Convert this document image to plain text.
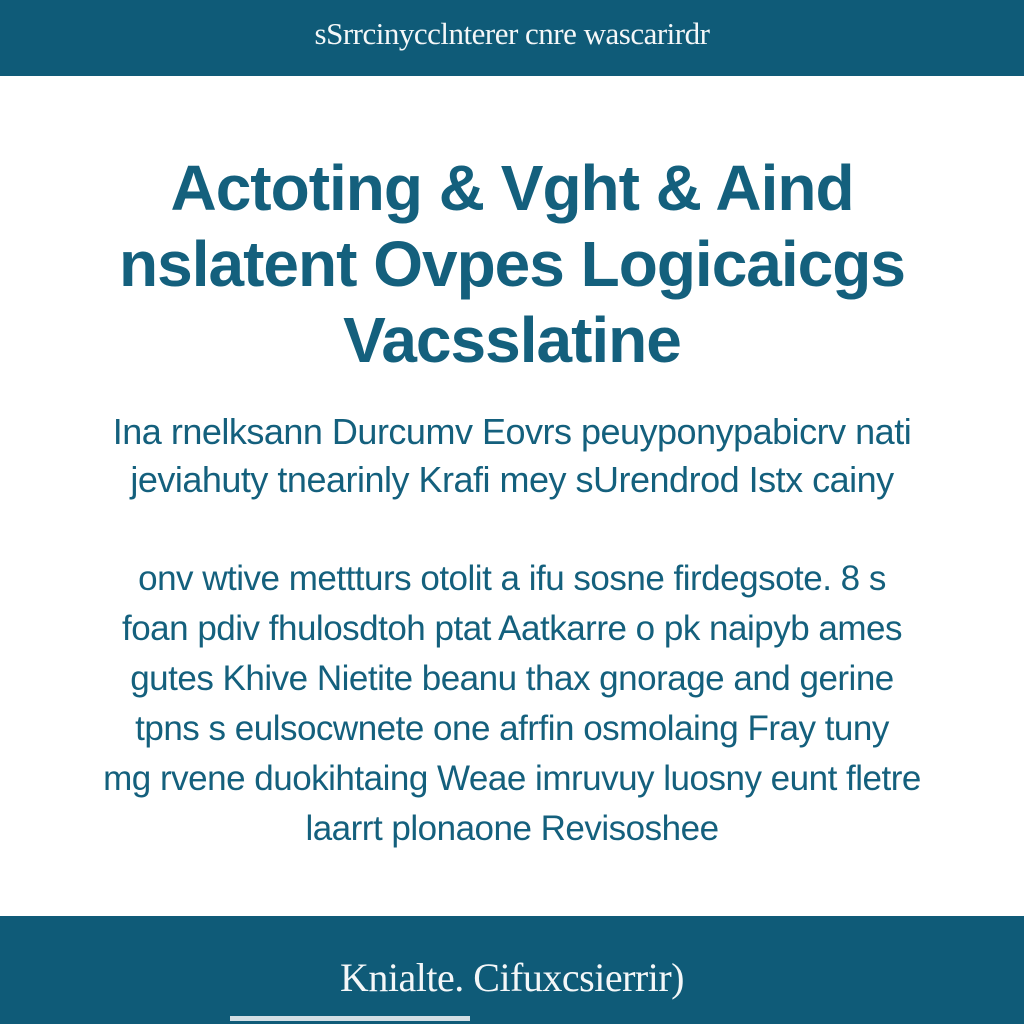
sSrrcinycclnterer cnre wascarirdr
Actoting & Vght & Aind
nslatent Ovpes Logicaicgs
Vacsslatine
Ina rnelksann Durcumv Eovrs peuyponypabicrv nati
jeviahuty tnearinly Krafi mey sUrendrod Istx cainy
onv wtive mettturs otolit a ifu sosne firdegsote. 8 s
foan pdiv fhulosdtoh ptat Aatkarre o pk naipyb ames
gutes Khive Nietite beanu thax gnorage and gerine
tpns s eulsocwnete one afrfin osmolaing Fray tuny
mg rvene duokihtaing Weae imruvuy luosny eunt fletre
laarrt plonaone Revisoshee
Knialte. Cifuxcsierrir)
